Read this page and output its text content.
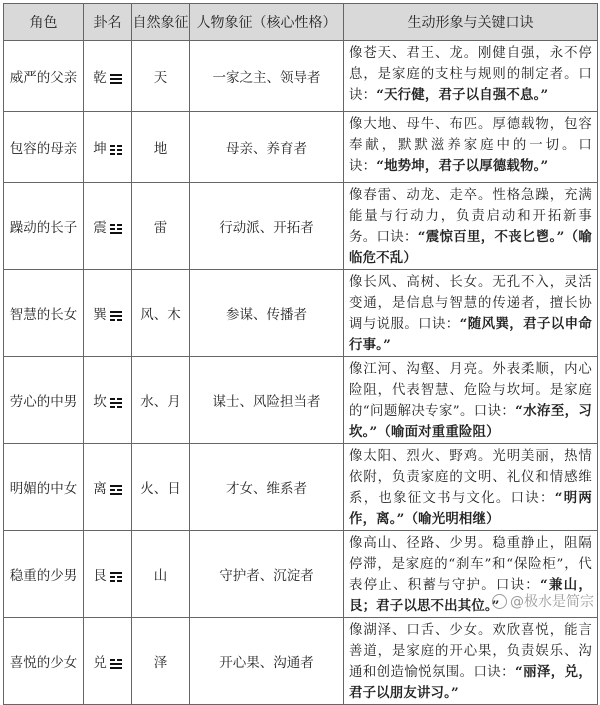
角色	卦名	自然象征	人物象征（核心性格）	生动形象与关键口诀
威严的父亲	乾	天	一家之主、领导者	像苍天、君王、龙。刚健自强，永不停息，是家庭的支柱与规则的制定者。口诀：“天行健，君子以自强不息。”
包容的母亲	坤	地	母亲、养育者	像大地、母牛、布匹。厚德载物，包容奉献，默默滋养家庭中的一切。口诀：“地势坤，君子以厚德载物。”
躁动的长子	震	雷	行动派、开拓者	像春雷、动龙、走卒。性格急躁，充满能量与行动力，负责启动和开拓新事务。口诀：“震惊百里，不丧匕鬯。”（喻临危不乱）
智慧的长女	巽	风、木	参谋、传播者	像长风、高树、长女。无孔不入，灵活变通，是信息与智慧的传递者，擅长协调与说服。口诀：“随风巽，君子以申命行事。”
劳心的中男	坎	水、月	谋士、风险担当者	像江河、沟壑、月亮。外表柔顺，内心险阻，代表智慧、危险与坎坷。是家庭的“问题解决专家”。口诀：“水洊至，习坎。”（喻面对重重险阻）
明媚的中女	离	火、日	才女、维系者	像太阳、烈火、野鸡。光明美丽，热情依附，负责家庭的文明、礼仪和情感维系，也象征文书与文化。口诀：“明两作，离。”（喻光明相继）
稳重的少男	艮	山	守护者、沉淀者	像高山、径路、少男。稳重静止，阻隔停滞，是家庭的“刹车”和“保险柜”，代表停止、积蓄与守护。口诀：“兼山，艮；君子以思不出其位。”
喜悦的少女	兑	泽	开心果、沟通者	像湖泽、口舌、少女。欢欣喜悦，能言善道，是家庭的开心果，负责娱乐、沟通和创造愉悦氛围。口诀：“丽泽，兑，君子以朋友讲习。”
@极水是简宗
